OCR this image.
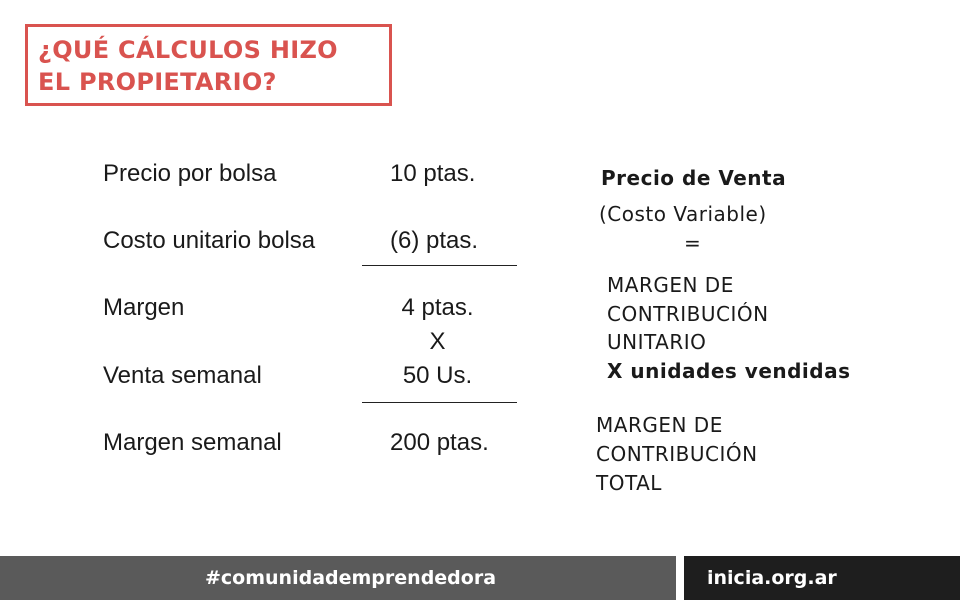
¿QUÉ CÁLCULOS HIZO EL PROPIETARIO?
Precio por bolsa	10 ptas.
Costo unitario bolsa	(6) ptas.
Margen	4 ptas.
X
Venta semanal	50 Us.
Margen semanal	200 ptas.
Precio de Venta
(Costo Variable)
=
MARGEN DE
CONTRIBUCIÓN
UNITARIO
X unidades vendidas
MARGEN DE
CONTRIBUCIÓN
TOTAL
#comunidademprendedora	inicia.org.ar
